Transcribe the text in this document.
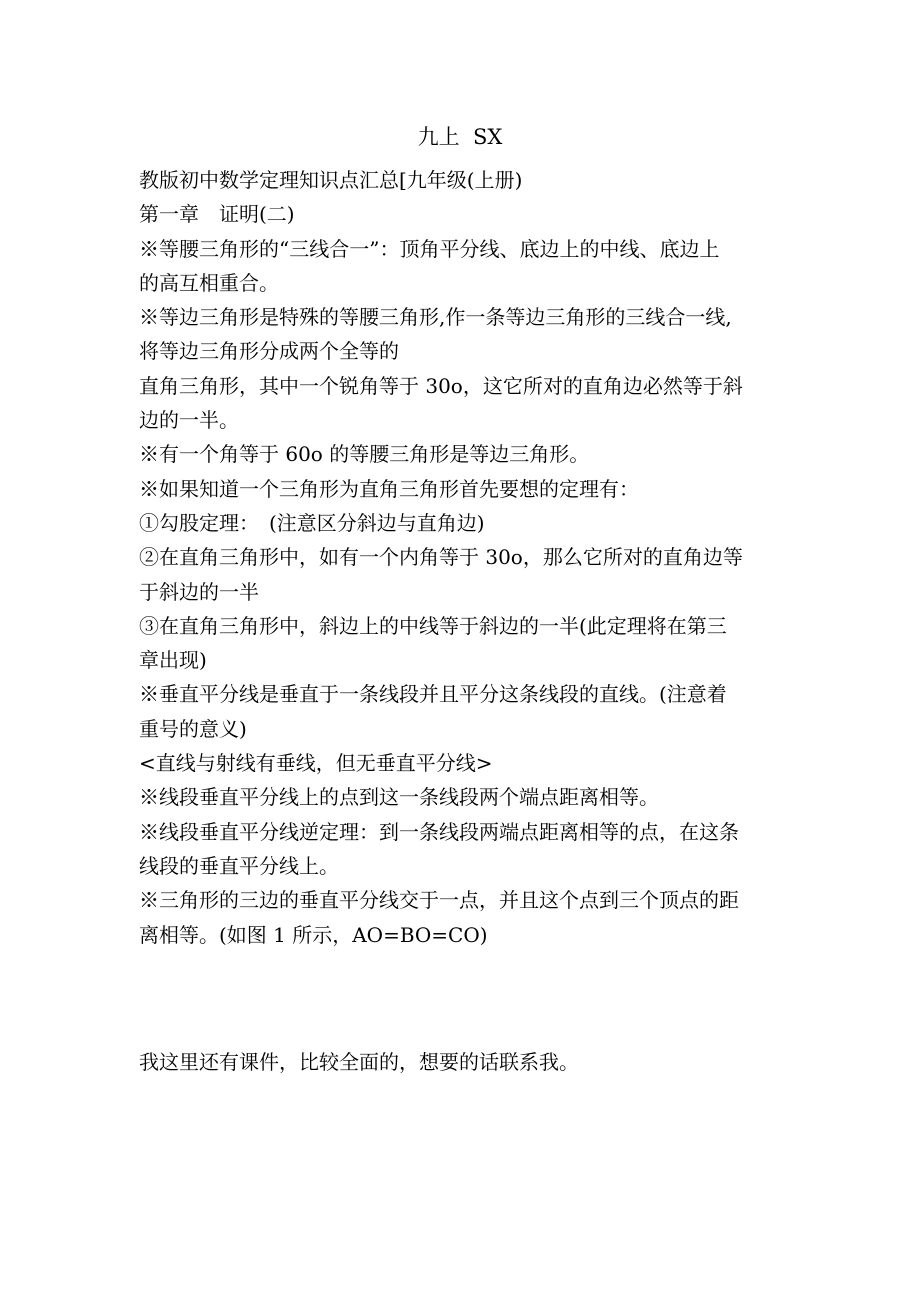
九上  SX
教版初中数学定理知识点汇总[九年级(上册)
第一章　证明(二)
※等腰三角形的“三线合一”：顶角平分线、底边上的中线、底边上
的高互相重合。
※等边三角形是特殊的等腰三角形,作一条等边三角形的三线合一线,
将等边三角形分成两个全等的
直角三角形，其中一个锐角等于 30o，这它所对的直角边必然等于斜
边的一半。
※有一个角等于 60o 的等腰三角形是等边三角形。
※如果知道一个三角形为直角三角形首先要想的定理有：
①勾股定理：　(注意区分斜边与直角边)
②在直角三角形中，如有一个内角等于 30o，那么它所对的直角边等
于斜边的一半
③在直角三角形中，斜边上的中线等于斜边的一半(此定理将在第三
章出现)
※垂直平分线是垂直于一条线段并且平分这条线段的直线。(注意着
重号的意义)
<直线与射线有垂线，但无垂直平分线>
※线段垂直平分线上的点到这一条线段两个端点距离相等。
※线段垂直平分线逆定理：到一条线段两端点距离相等的点，在这条
线段的垂直平分线上。
※三角形的三边的垂直平分线交于一点，并且这个点到三个顶点的距
离相等。(如图 1 所示，AO=BO=CO)
我这里还有课件，比较全面的，想要的话联系我。
